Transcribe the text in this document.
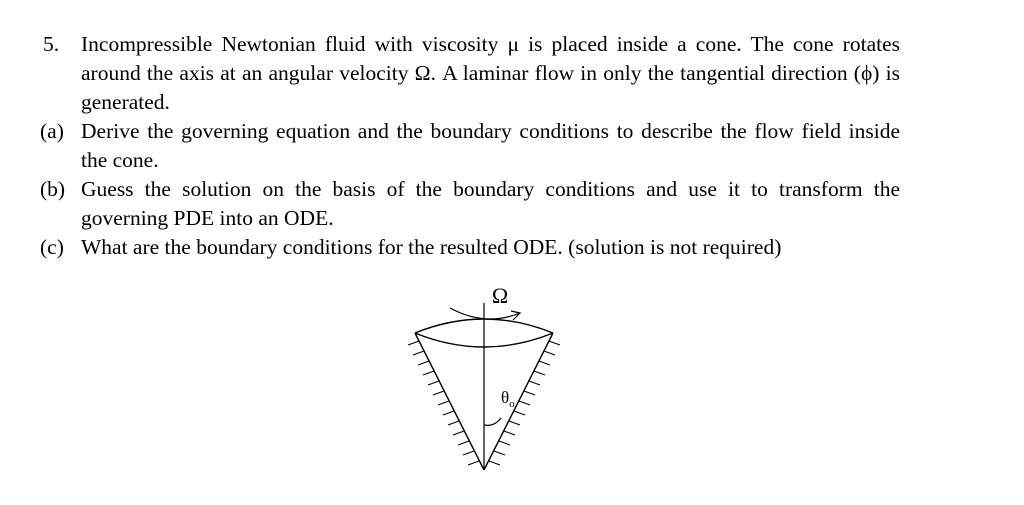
5. Incompressible Newtonian fluid with viscosity μ is placed inside a cone. The cone rotates around the axis at an angular velocity Ω. A laminar flow in only the tangential direction (ϕ) is generated.
(a) Derive the governing equation and the boundary conditions to describe the flow field inside the cone.
(b) Guess the solution on the basis of the boundary conditions and use it to transform the governing PDE into an ODE.
(c) What are the boundary conditions for the resulted ODE. (solution is not required)
Ω
$\theta_o$
